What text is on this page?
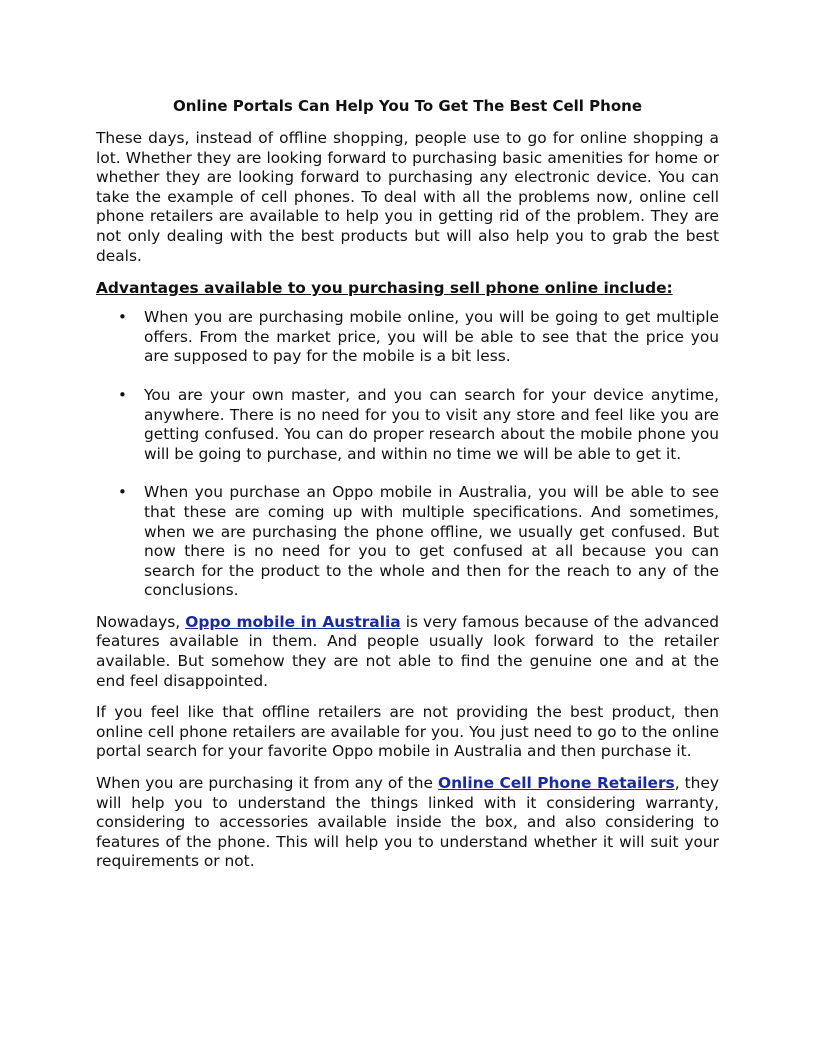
Online Portals Can Help You To Get The Best Cell Phone

These days, instead of offline shopping, people use to go for online shopping a lot. Whether they are looking forward to purchasing basic amenities for home or whether they are looking forward to purchasing any electronic device. You can take the example of cell phones. To deal with all the problems now, online cell phone retailers are available to help you in getting rid of the problem. They are not only dealing with the best products but will also help you to grab the best deals.

Advantages available to you purchasing sell phone online include:
• When you are purchasing mobile online, you will be going to get multiple offers. From the market price, you will be able to see that the price you are supposed to pay for the mobile is a bit less.
• You are your own master, and you can search for your device anytime, anywhere. There is no need for you to visit any store and feel like you are getting confused. You can do proper research about the mobile phone you will be going to purchase, and within no time we will be able to get it.
• When you purchase an Oppo mobile in Australia, you will be able to see that these are coming up with multiple specifications. And sometimes, when we are purchasing the phone offline, we usually get confused. But now there is no need for you to get confused at all because you can search for the product to the whole and then for the reach to any of the conclusions.

Nowadays, Oppo mobile in Australia is very famous because of the advanced features available in them. And people usually look forward to the retailer available. But somehow they are not able to find the genuine one and at the end feel disappointed.

If you feel like that offline retailers are not providing the best product, then online cell phone retailers are available for you. You just need to go to the online portal search for your favorite Oppo mobile in Australia and then purchase it.

When you are purchasing it from any of the Online Cell Phone Retailers, they will help you to understand the things linked with it considering warranty, considering to accessories available inside the box, and also considering to features of the phone. This will help you to understand whether it will suit your requirements or not.
